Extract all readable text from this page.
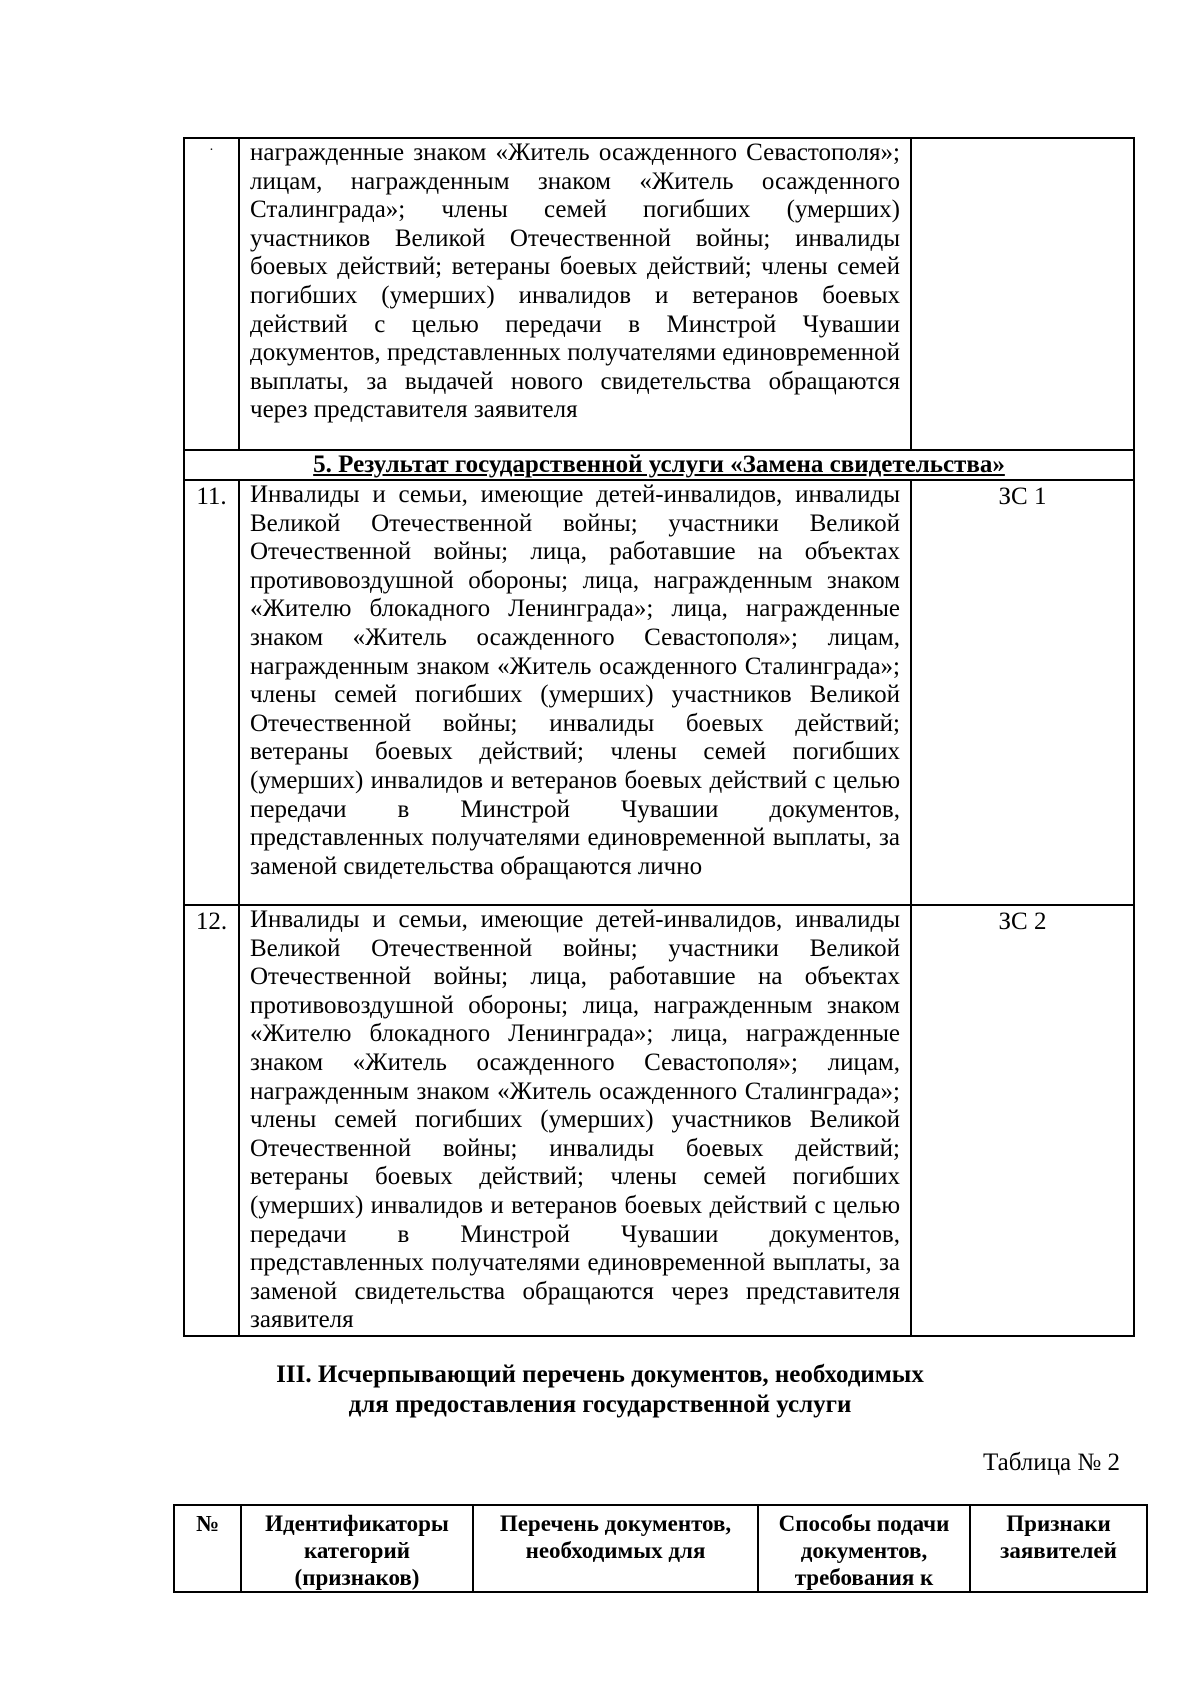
·	награжденные знаком «Житель осажденного Севастополя»; лицам, награжденным знаком «Житель осажденного Сталинграда»; члены семей погибших (умерших) участников Великой Отечественной войны; инвалиды боевых действий; ветераны боевых действий; члены семей погибших (умерших) инвалидов и ветеранов боевых действий с целью передачи в Минстрой Чувашии документов, представленных получателями единовременной выплаты, за выдачей нового свидетельства обращаются через представителя заявителя	

5. Результат государственной услуги «Замена свидетельства»		
11.	Инвалиды и семьи, имеющие детей-инвалидов, инвалиды Великой Отечественной войны; участники Великой Отечественной войны; лица, работавшие на объектах противовоздушной обороны; лица, награжденным знаком «Жителю блокадного Ленинграда»; лица, награжденные знаком «Житель осажденного Севастополя»; лицам, награжденным знаком «Житель осажденного Сталинграда»; члены семей погибших (умерших) участников Великой Отечественной войны; инвалиды боевых действий; ветераны боевых действий; члены семей погибших (умерших) инвалидов и ветеранов боевых действий с целью передачи в Минстрой Чувашии документов, представленных получателями единовременной выплаты, за заменой свидетельства обращаются лично	ЗС 1
12.	Инвалиды и семьи, имеющие детей-инвалидов, инвалиды Великой Отечественной войны; участники Великой Отечественной войны; лица, работавшие на объектах противовоздушной обороны; лица, награжденным знаком «Жителю блокадного Ленинграда»; лица, награжденные знаком «Житель осажденного Севастополя»; лицам, награжденным знаком «Житель осажденного Сталинграда»; члены семей погибших (умерших) участников Великой Отечественной войны; инвалиды боевых действий; ветераны боевых действий; члены семей погибших (умерших) инвалидов и ветеранов боевых действий с целью передачи в Минстрой Чувашии документов, представленных получателями единовременной выплаты, за заменой свидетельства обращаются через представителя заявителя	ЗС 2
III. Исчерпывающий перечень документов, необходимых
для предоставления государственной услуги
Таблица № 2
№	Идентификаторы категорий (признаков)	Перечень документов, необходимых для	Способы подачи документов, требования к	Признаки заявителей
